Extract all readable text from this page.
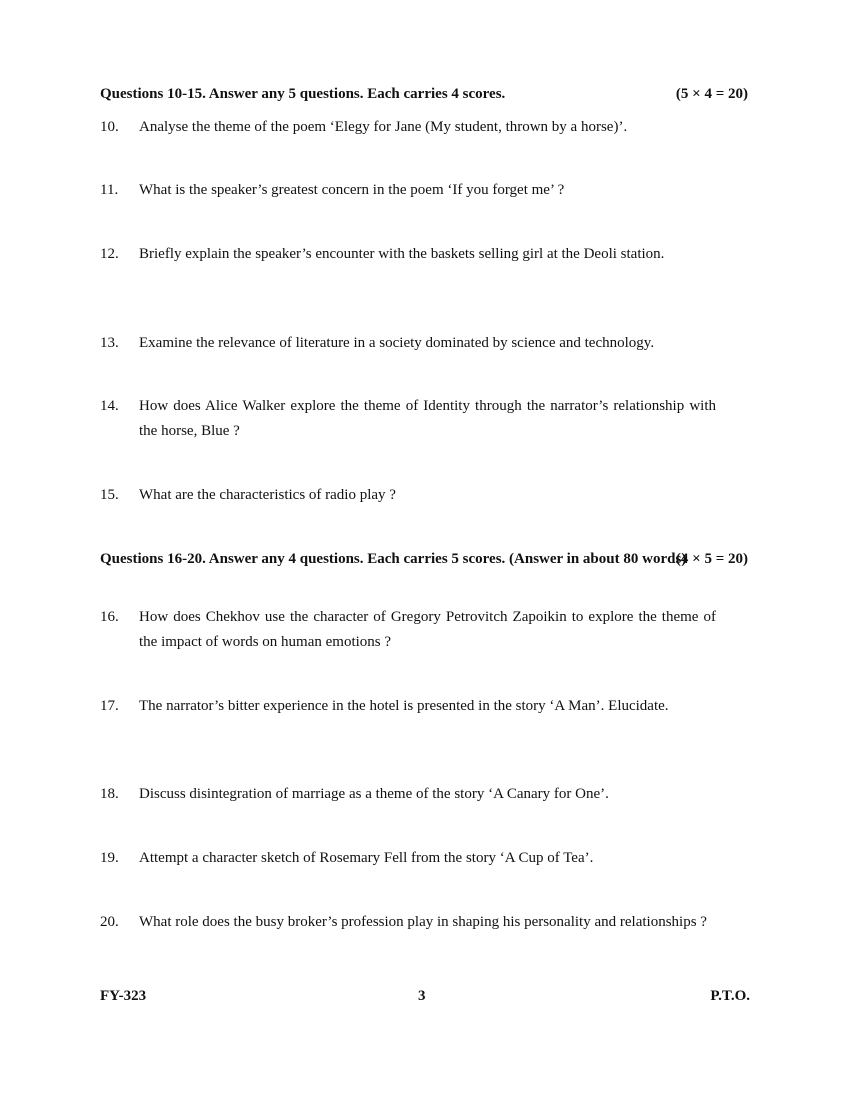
Questions 10-15. Answer any 5 questions. Each carries 4 scores.	(5 × 4 = 20)
10.	Analyse the theme of the poem ‘Elegy for Jane (My student, thrown by a horse)’.
11.	What is the speaker’s greatest concern in the poem ‘If you forget me’ ?
12.	Briefly explain the speaker’s encounter with the baskets selling girl at the Deoli station.
13.	Examine the relevance of literature in a society dominated by science and technology.
14.	How does Alice Walker explore the theme of Identity through the narrator’s relationship with the horse, Blue ?
15.	What are the characteristics of radio play ?
Questions 16-20. Answer any 4 questions. Each carries 5 scores. (Answer in about 80 words)
(4 × 5 = 20)
16.	How does Chekhov use the character of Gregory Petrovitch Zapoikin to explore the theme of the impact of words on human emotions ?
17.	The narrator’s bitter experience in the hotel is presented in the story ‘A Man’. Elucidate.
18.	Discuss disintegration of marriage as a theme of the story ‘A Canary for One’.
19.	Attempt a character sketch of Rosemary Fell from the story ‘A Cup of Tea’.
20.	What role does the busy broker’s profession play in shaping his personality and relationships ?
FY-323	3	P.T.O.
